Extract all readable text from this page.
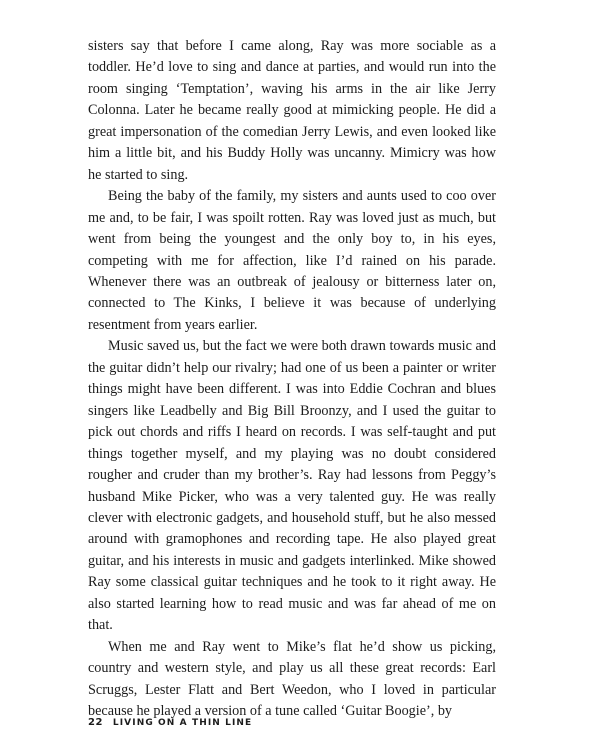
sisters say that before I came along, Ray was more sociable as a toddler. He’d love to sing and dance at parties, and would run into the room singing ‘Temptation’, waving his arms in the air like Jerry Colonna. Later he became really good at mimicking people. He did a great impersonation of the comedian Jerry Lewis, and even looked like him a little bit, and his Buddy Holly was uncanny. Mimicry was how he started to sing.

Being the baby of the family, my sisters and aunts used to coo over me and, to be fair, I was spoilt rotten. Ray was loved just as much, but went from being the youngest and the only boy to, in his eyes, competing with me for affection, like I’d rained on his parade. Whenever there was an outbreak of jealousy or bitterness later on, connected to The Kinks, I believe it was because of underlying resentment from years earlier.

Music saved us, but the fact we were both drawn towards music and the guitar didn’t help our rivalry; had one of us been a painter or writer things might have been different. I was into Eddie Cochran and blues singers like Leadbelly and Big Bill Broonzy, and I used the guitar to pick out chords and riffs I heard on records. I was self-taught and put things together myself, and my playing was no doubt considered rougher and cruder than my brother’s. Ray had lessons from Peggy’s husband Mike Picker, who was a very talented guy. He was really clever with electronic gadgets, and household stuff, but he also messed around with gramophones and recording tape. He also played great guitar, and his interests in music and gadgets interlinked. Mike showed Ray some classical guitar techniques and he took to it right away. He also started learning how to read music and was far ahead of me on that.

When me and Ray went to Mike’s flat he’d show us picking, country and western style, and play us all these great records: Earl Scruggs, Lester Flatt and Bert Weedon, who I loved in particular because he played a version of a tune called ‘Guitar Boogie’, by

22 LIVING ON A THIN LINE
